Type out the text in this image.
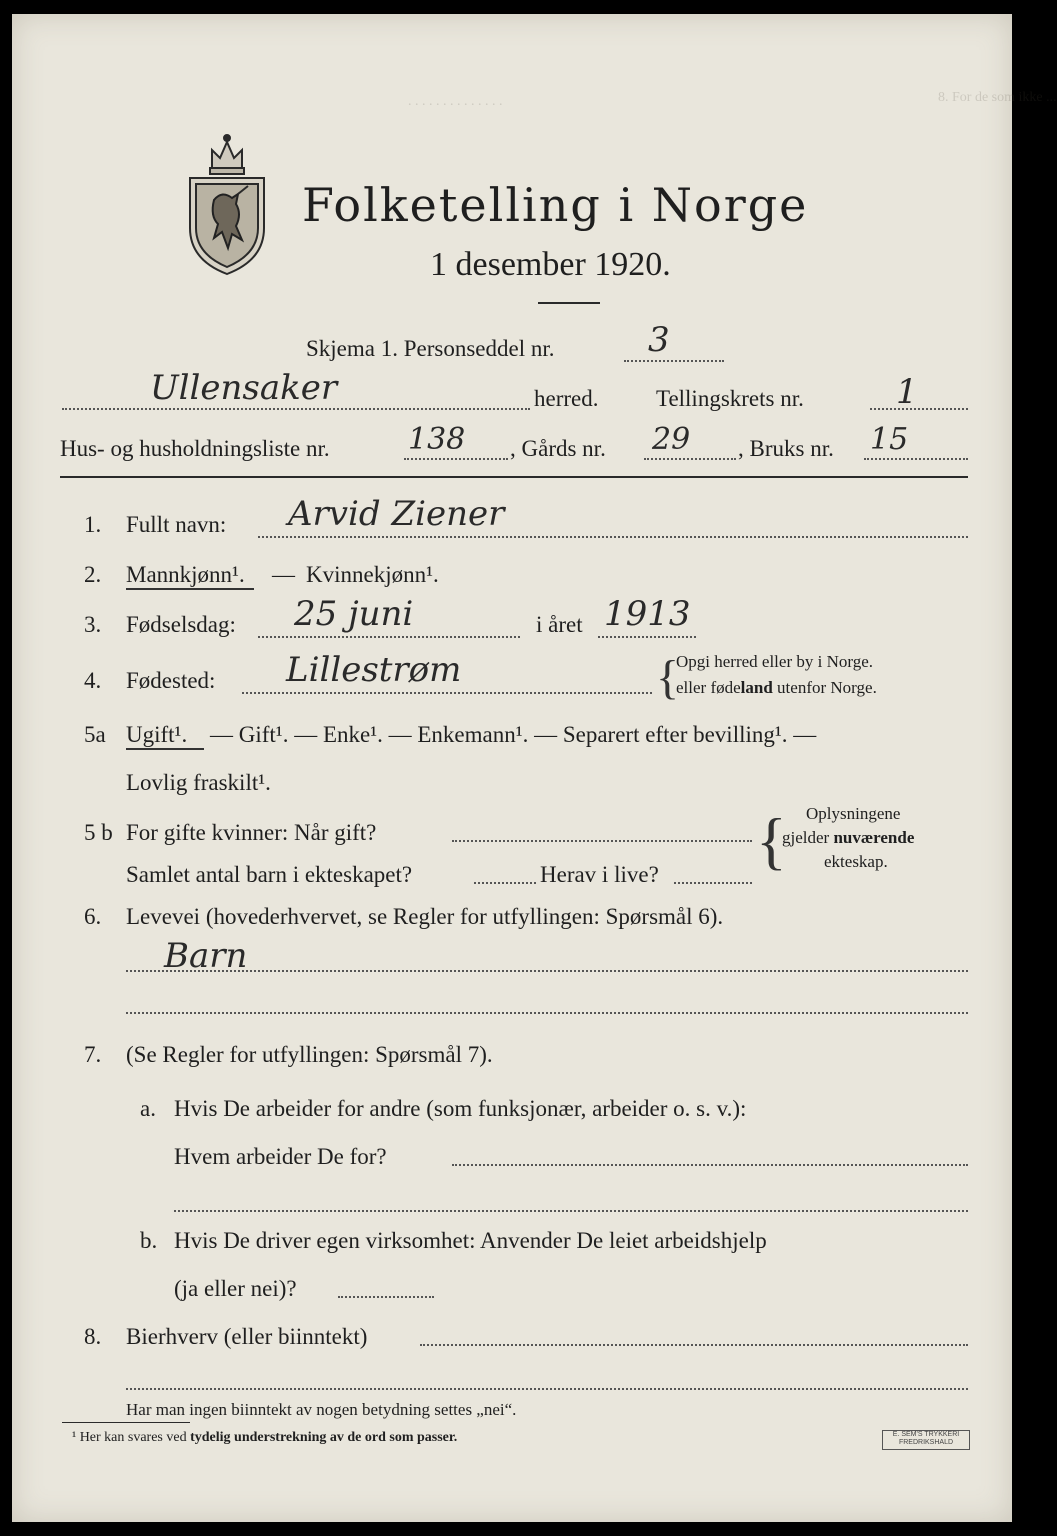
8. For de som ikke ...
. . . . . . . . . . . . . .
Folketelling i Norge
1 desember 1920.
Skjema 1. Personseddel nr.	3
Ullensaker	herred.	Tellingskrets nr.	1
Hus- og husholdningsliste nr.	138 , Gårds nr. 29 , Bruks nr. 15
1. Fullt navn: Arvid Ziener
2. Mannkjønn¹. — Kvinnekjønn¹.
3. Fødselsdag: 25 juni	i året 1913
4. Fødested: Lillestrøm	{
Opgi herred eller by i Norge.
eller fødeland utenfor Norge.
5a Ugift¹. — Gift¹. — Enke¹. — Enkemann¹. — Separert efter bevilling¹. —
Lovlig fraskilt¹.
5 b For gifte kvinner: Når gift?
Samlet antal barn i ekteskapet?	Herav i live? { Oplysningene
gjelder nuværende
ekteskap.
6. Levevei (hovederhvervet, se Regler for utfyllingen: Spørsmål 6).
Barn
7. (Se Regler for utfyllingen: Spørsmål 7).
a. Hvis De arbeider for andre (som funksjonær, arbeider o. s. v.):
Hvem arbeider De for?
b. Hvis De driver egen virksomhet: Anvender De leiet arbeidshjelp
(ja eller nei)?
8. Bierhverv (eller biinntekt)
Har man ingen biinntekt av nogen betydning settes „nei“.
¹ Her kan svares ved tydelig understrekning av de ord som passer.	E. SEM'S TRYKKERI FREDRIKSHALD
